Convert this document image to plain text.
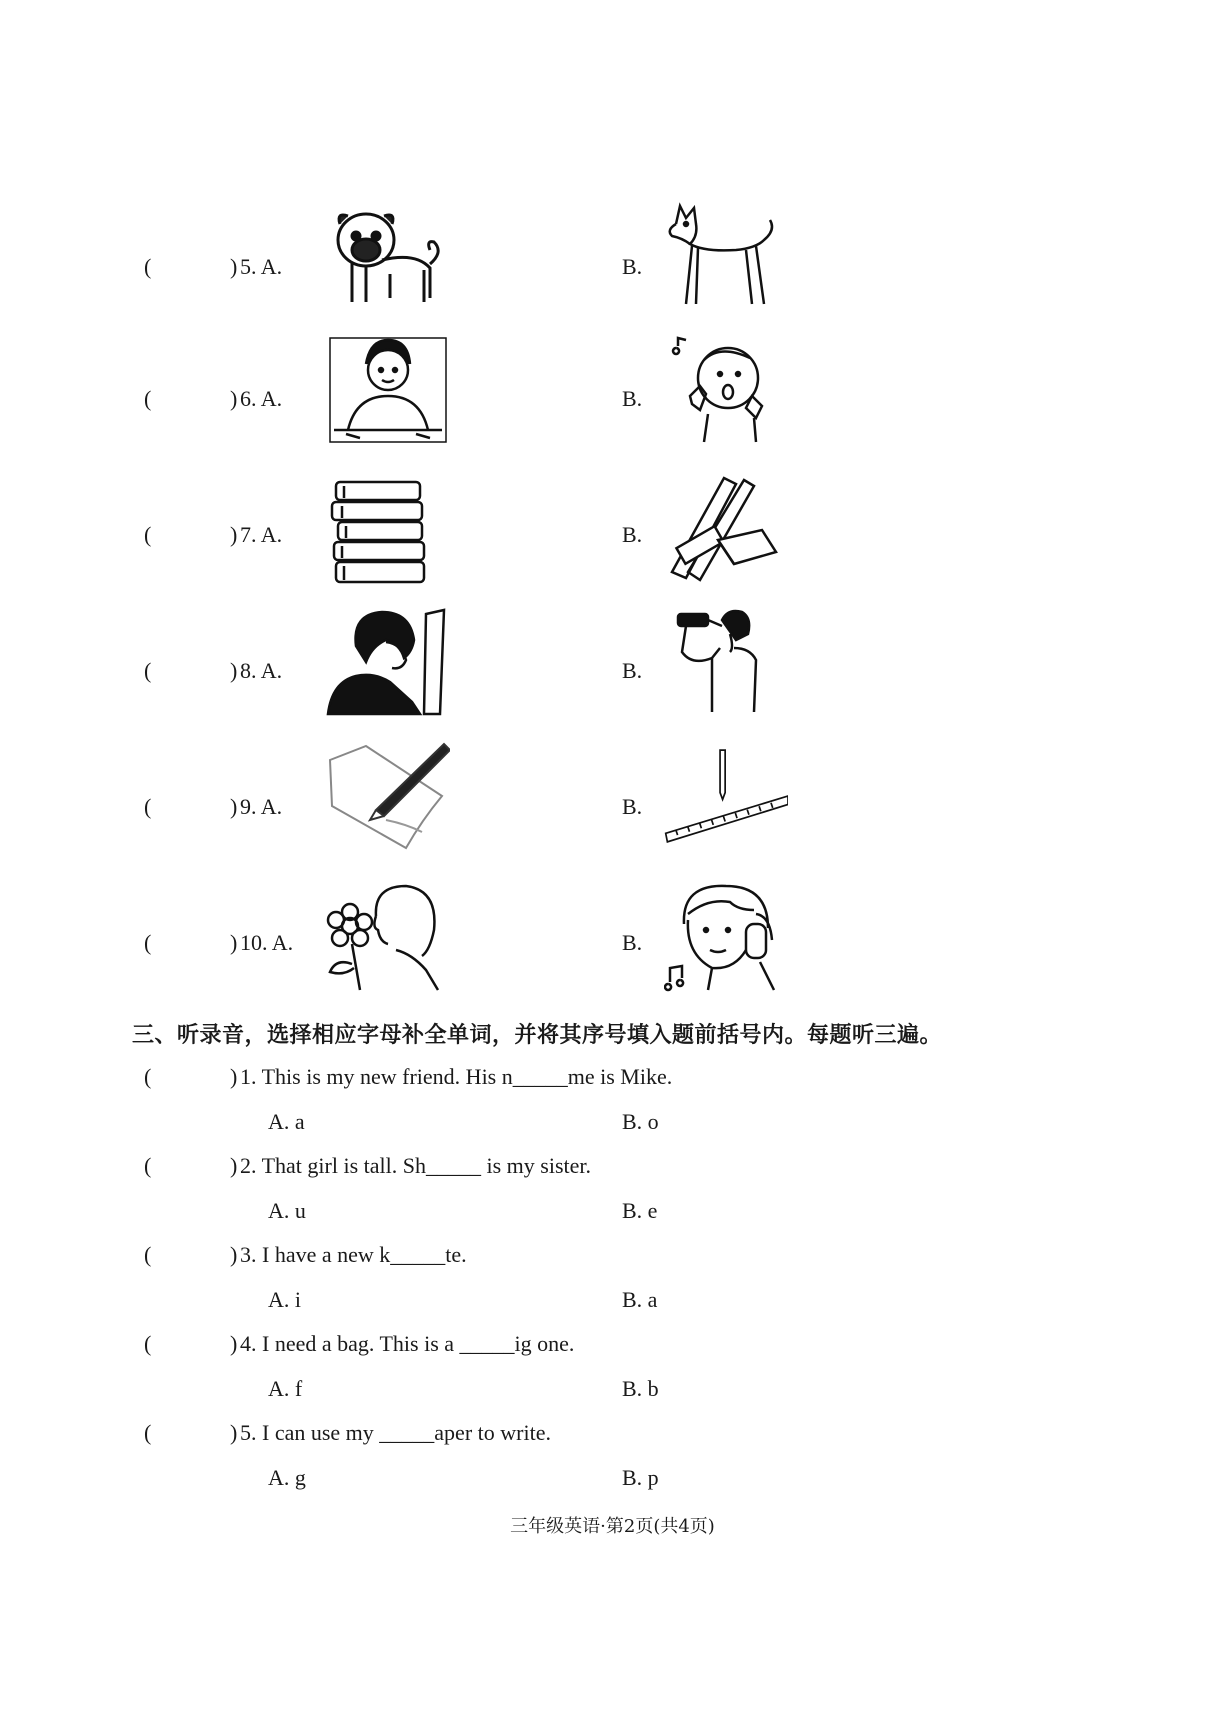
(	) 5. A.	B.
(	) 6. A.	B.
(	) 7. A.	B.
(	) 8. A.	B.
(	) 9. A.	B.
(	) 10. A.	B.
三、听录音，选择相应字母补全单词，并将其序号填入题前括号内。每题听三遍。
(	) 1. This is my new friend. His n_____me is Mike.
A. a	B. o
(	) 2. That girl is tall. Sh_____ is my sister.
A. u	B. e
(	) 3. I have a new k_____te.
A. i	B. a
(	) 4. I need a bag. This is a _____ig one.
A. f	B. b
(	) 5. I can use my _____aper to write.
A. g	B. p
三年级英语·第2页(共4页)
